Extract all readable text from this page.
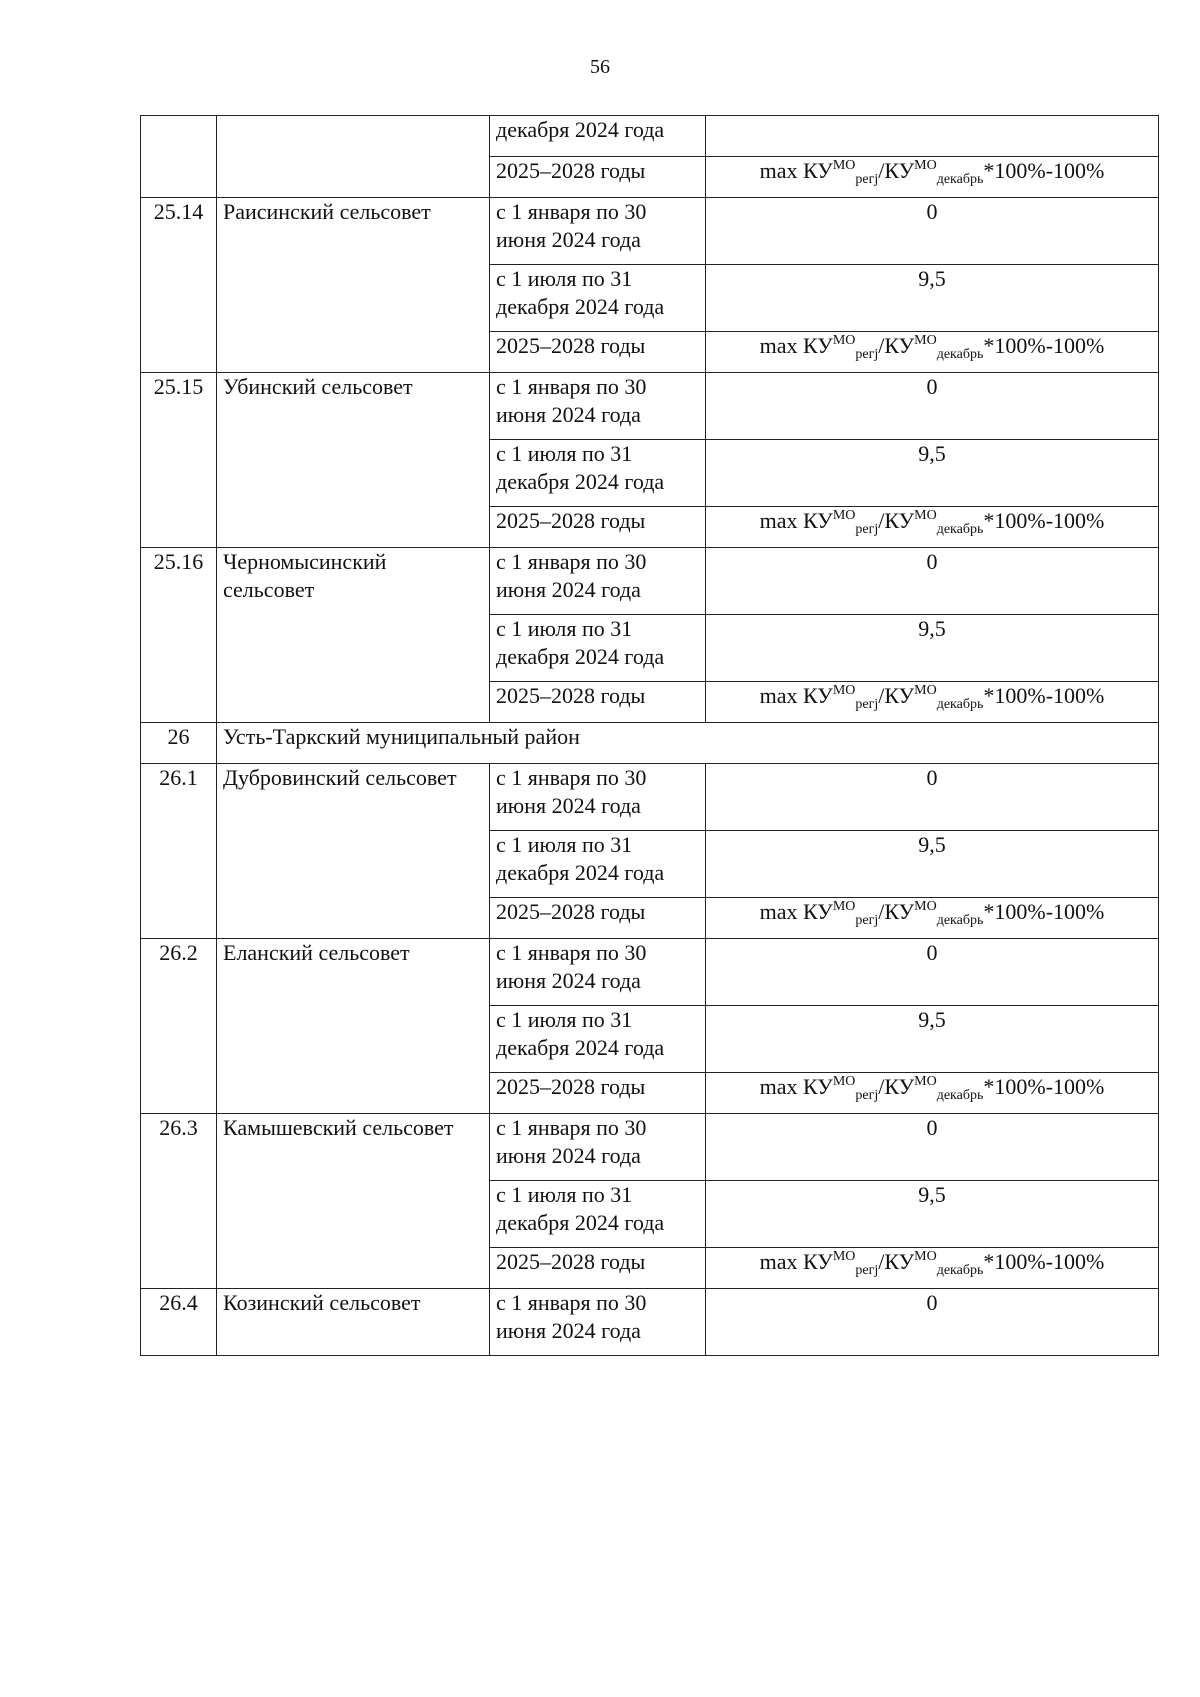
56
		декабря 2024 года	
		2025–2028 годы	$\max КУ^{МО}_{регj}/КУ^{МО}_{декабрь}*100\%-100\%$
25.14	Раисинский сельсовет	с 1 января по 30 июня 2024 года	0
		с 1 июля по 31 декабря 2024 года	9,5
		2025–2028 годы	$\max КУ^{МО}_{регj}/КУ^{МО}_{декабрь}*100\%-100\%$
25.15	Убинский сельсовет	с 1 января по 30 июня 2024 года	0
		с 1 июля по 31 декабря 2024 года	9,5
		2025–2028 годы	$\max КУ^{МО}_{регj}/КУ^{МО}_{декабрь}*100\%-100\%$
25.16	Черномысинский сельсовет	с 1 января по 30 июня 2024 года	0
		с 1 июля по 31 декабря 2024 года	9,5
		2025–2028 годы	$\max КУ^{МО}_{регj}/КУ^{МО}_{декабрь}*100\%-100\%$
26	Усть-Таркский муниципальный район		
26.1	Дубровинский сельсовет	с 1 января по 30 июня 2024 года	0
		с 1 июля по 31 декабря 2024 года	9,5
		2025–2028 годы	$\max КУ^{МО}_{регj}/КУ^{МО}_{декабрь}*100\%-100\%$
26.2	Еланский сельсовет	с 1 января по 30 июня 2024 года	0
		с 1 июля по 31 декабря 2024 года	9,5
		2025–2028 годы	$\max КУ^{МО}_{регj}/КУ^{МО}_{декабрь}*100\%-100\%$
26.3	Камышевский сельсовет	с 1 января по 30 июня 2024 года	0
		с 1 июля по 31 декабря 2024 года	9,5
		2025–2028 годы	$\max КУ^{МО}_{регj}/КУ^{МО}_{декабрь}*100\%-100\%$
26.4	Козинский сельсовет	с 1 января по 30 июня 2024 года	0
